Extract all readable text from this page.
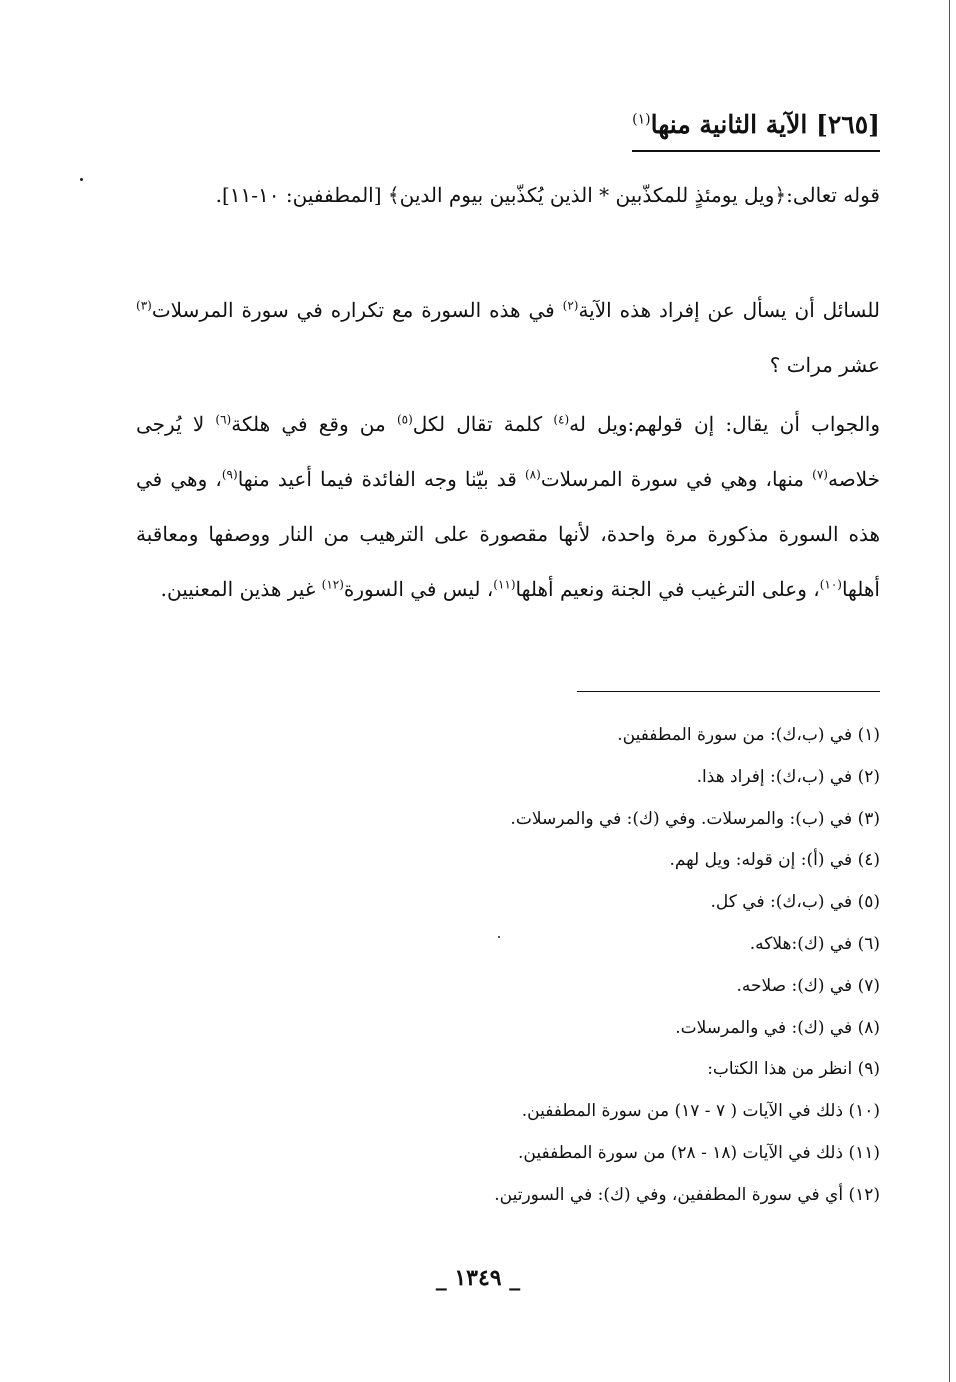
[٢٦٥] الآية الثانية منها$^{(١)}$

قوله تعالى:﴿ويل يومئذٍ للمكذّبين * الذين يُكذّبين بيوم الدين﴾ [المطففين: ١٠-١١].

للسائل أن يسأل عن إفراد هذه الآية$^{(٢)}$ في هذه السورة مع تكراره في سورة المرسلات$^{(٣)}$ عشر مرات ؟

والجواب أن يقال: إن قولهم:ويل له$^{(٤)}$ كلمة تقال لكل$^{(٥)}$ من وقع في هلكة$^{(٦)}$ لا يُرجى خلاصه$^{(٧)}$ منها، وهي في سورة المرسلات$^{(٨)}$ قد بيّنا وجه الفائدة فيما أعيد منها$^{(٩)}$، وهي في هذه السورة مذكورة مرة واحدة، لأنها مقصورة على الترهيب من النار ووصفها ومعاقبة أهلها$^{(١٠)}$، وعلى الترغيب في الجنة ونعيم أهلها$^{(١١)}$، ليس في السورة$^{(١٢)}$ غير هذين المعنيين.

(١) في (ب،ك): من سورة المطففين.
(٢) في (ب،ك): إفراد هذا.
(٣) في (ب): والمرسلات. وفي (ك): في والمرسلات.
(٤) في (أ): إن قوله: ويل لهم.
(٥) في (ب،ك): في كل.
(٦) في (ك):هلاكه.
(٧) في (ك): صلاحه.
(٨) في (ك): في والمرسلات.
(٩) انظر من هذا الكتاب:
(١٠) ذلك في الآيات ( ٧ - ١٧) من سورة المطففين.
(١١) ذلك في الآيات (١٨ - ٢٨) من سورة المطففين.
(١٢) أي في سورة المطففين، وفي (ك): في السورتين.
_ ١٣٤٩ _
